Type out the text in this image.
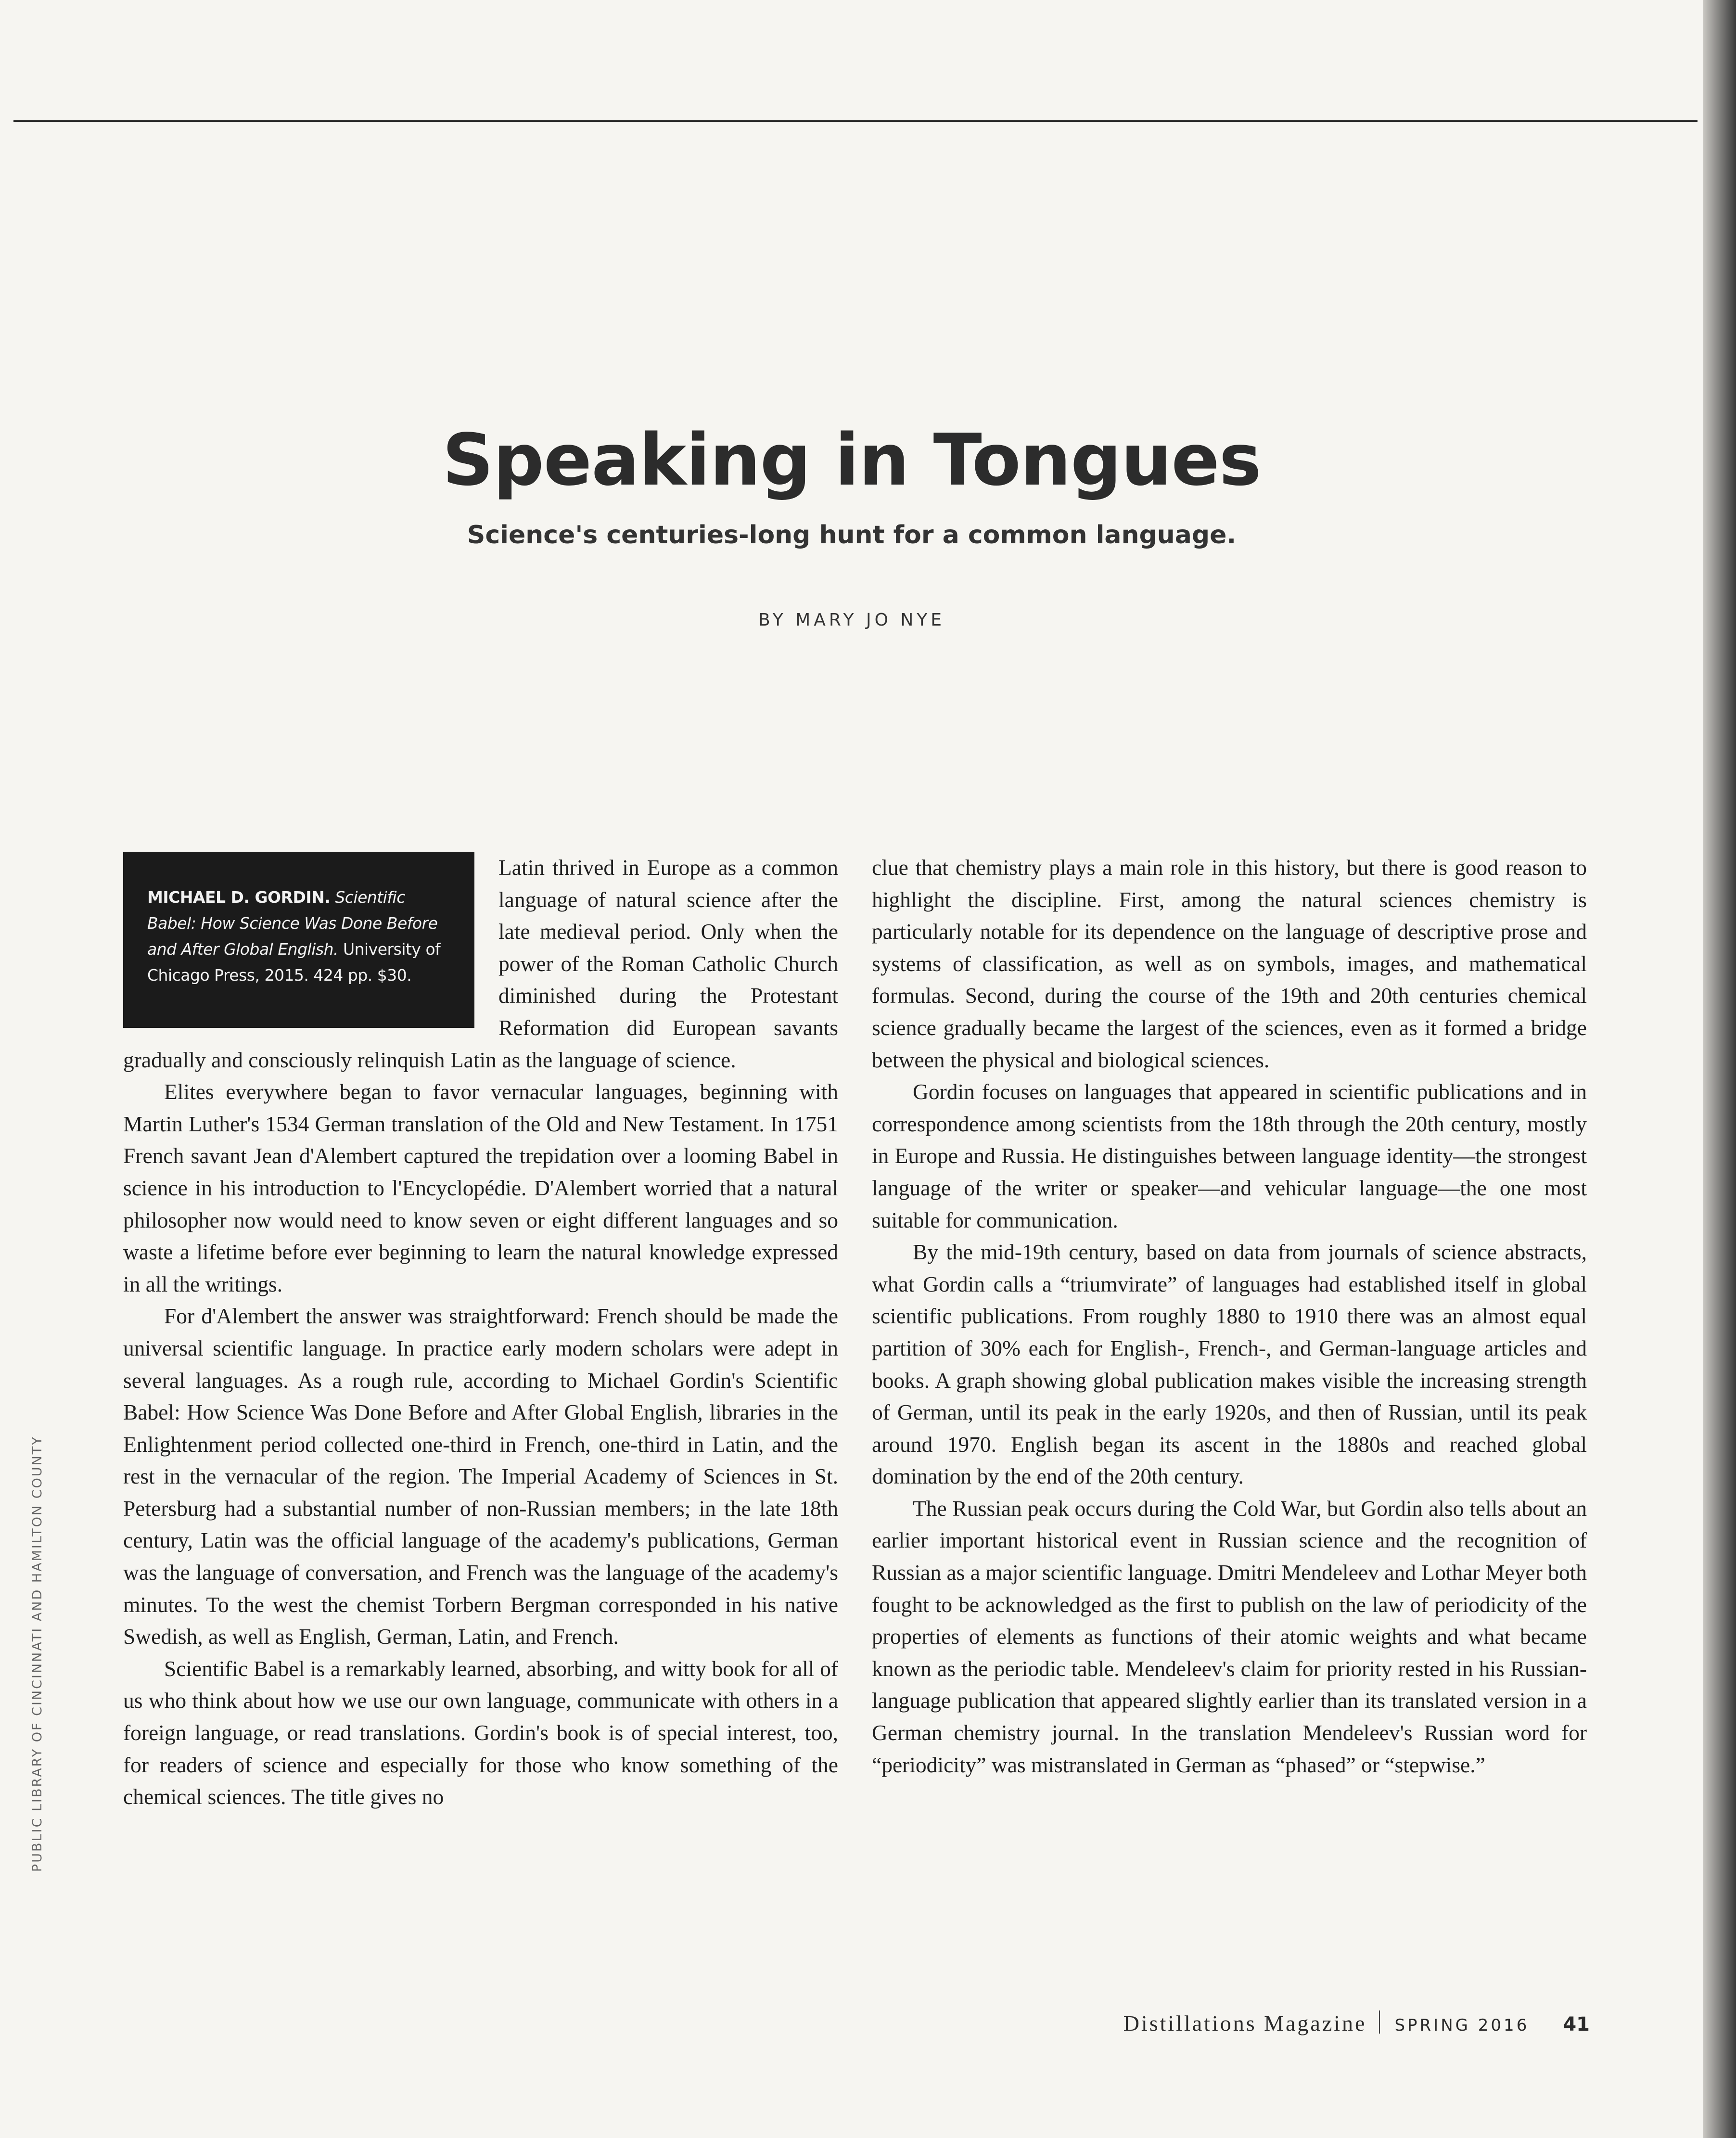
Speaking in Tongues
Science's centuries-long hunt for a common language.
BY MARY JO NYE
MICHAEL D. GORDIN. Scientific Babel: How Science Was Done Before and After Global English. University of Chicago Press, 2015. 424 pp. $30.

Latin thrived in Europe as a common language of natural science after the late medieval period. Only when the power of the Roman Catholic Church diminished during the Protestant Reformation did European savants gradually and consciously relinquish Latin as the language of science.

Elites everywhere began to favor vernacular languages, beginning with Martin Luther's 1534 German translation of the Old and New Testament. In 1751 French savant Jean d'Alembert captured the trepidation over a looming Babel in science in his introduction to l'Encyclopédie. D'Alembert worried that a natural philosopher now would need to know seven or eight different languages and so waste a lifetime before ever beginning to learn the natural knowledge expressed in all the writings.

For d'Alembert the answer was straightforward: French should be made the universal scientific language. In practice early modern scholars were adept in several languages. As a rough rule, according to Michael Gordin's Scientific Babel: How Science Was Done Before and After Global English, libraries in the Enlightenment period collected one-third in French, one-third in Latin, and the rest in the vernacular of the region. The Imperial Academy of Sciences in St. Petersburg had a substantial number of non-Russian members; in the late 18th century, Latin was the official language of the academy's publications, German was the language of conversation, and French was the language of the academy's minutes. To the west the chemist Torbern Bergman corresponded in his native Swedish, as well as English, German, Latin, and French.

Scientific Babel is a remarkably learned, absorbing, and witty book for all of us who think about how we use our own language, communicate with others in a foreign language, or read translations. Gordin's book is of special interest, too, for readers of science and especially for those who know something of the chemical sciences. The title gives no

clue that chemistry plays a main role in this history, but there is good reason to highlight the discipline. First, among the natural sciences chemistry is particularly notable for its dependence on the language of descriptive prose and systems of classification, as well as on symbols, images, and mathematical formulas. Second, during the course of the 19th and 20th centuries chemical science gradually became the largest of the sciences, even as it formed a bridge between the physical and biological sciences.

Gordin focuses on languages that appeared in scientific publications and in correspondence among scientists from the 18th through the 20th century, mostly in Europe and Russia. He distinguishes between language identity—the strongest language of the writer or speaker—and vehicular language—the one most suitable for communication.

By the mid-19th century, based on data from journals of science abstracts, what Gordin calls a “triumvirate” of languages had established itself in global scientific publications. From roughly 1880 to 1910 there was an almost equal partition of 30% each for English-, French-, and German-language articles and books. A graph showing global publication makes visible the increasing strength of German, until its peak in the early 1920s, and then of Russian, until its peak around 1970. English began its ascent in the 1880s and reached global domination by the end of the 20th century.

The Russian peak occurs during the Cold War, but Gordin also tells about an earlier important historical event in Russian science and the recognition of Russian as a major scientific language. Dmitri Mendeleev and Lothar Meyer both fought to be acknowledged as the first to publish on the law of periodicity of the properties of elements as functions of their atomic weights and what became known as the periodic table. Mendeleev's claim for priority rested in his Russian-language publication that appeared slightly earlier than its translated version in a German chemistry journal. In the translation Mendeleev's Russian word for “periodicity” was mistranslated in German as “phased” or “stepwise.”

PUBLIC LIBRARY OF CINCINNATI AND HAMILTON COUNTY
Distillations Magazine SPRING 2016 41
